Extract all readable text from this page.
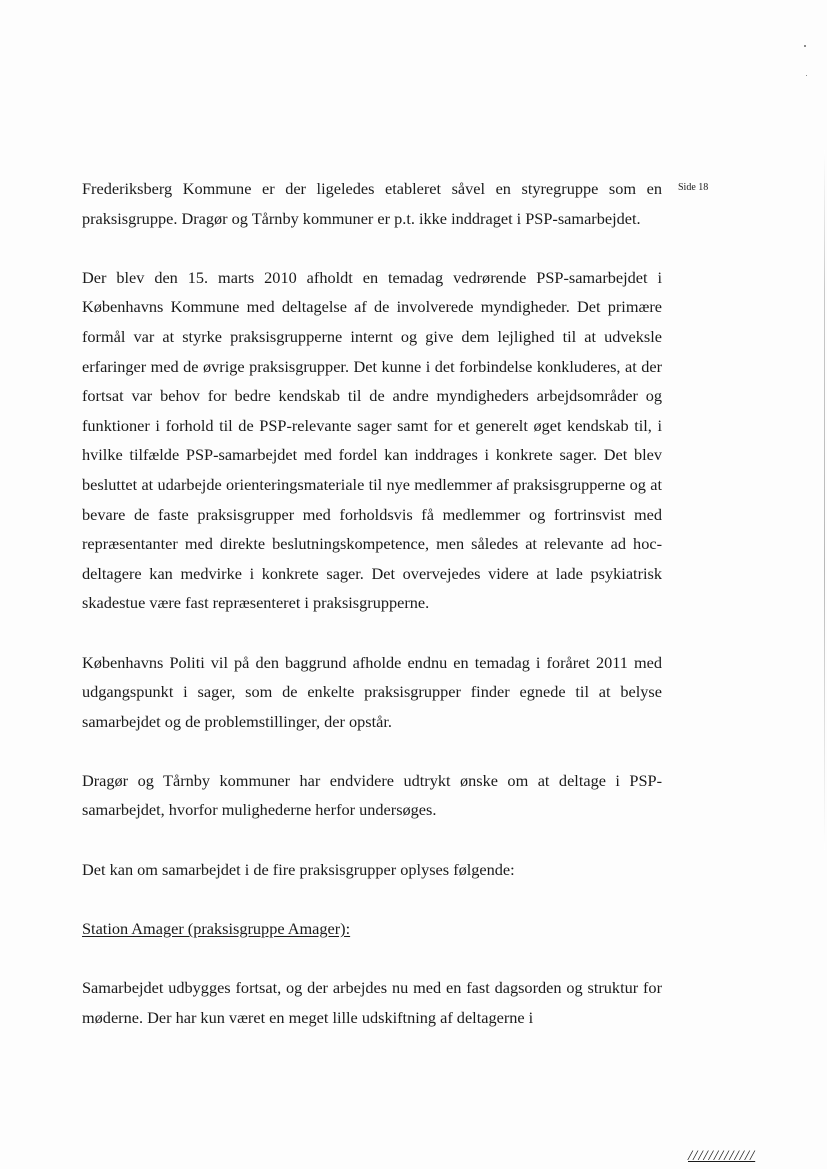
Side 18

Frederiksberg Kommune er der ligeledes etableret såvel en styregruppe som en praksisgruppe. Dragør og Tårnby kommuner er p.t. ikke inddraget i PSP-samarbejdet.

Der blev den 15. marts 2010 afholdt en temadag vedrørende PSP-samarbejdet i Københavns Kommune med deltagelse af de involverede myndigheder. Det primære formål var at styrke praksisgrupperne internt og give dem lejlighed til at udveksle erfaringer med de øvrige praksisgrupper. Det kunne i det forbindelse konkluderes, at der fortsat var behov for bedre kendskab til de andre myndigheders arbejdsområder og funktioner i forhold til de PSP-relevante sager samt for et generelt øget kendskab til, i hvilke tilfælde PSP-samarbejdet med fordel kan inddrages i konkrete sager. Det blev besluttet at udarbejde orienteringsmateriale til nye medlemmer af praksisgrupperne og at bevare de faste praksisgrupper med forholdsvis få medlemmer og fortrinsvist med repræsentanter med direkte beslutningskompetence, men således at relevante ad hoc-deltagere kan medvirke i konkrete sager. Det overvejedes videre at lade psykiatrisk skadestue være fast repræsenteret i praksisgrupperne.

Københavns Politi vil på den baggrund afholde endnu en temadag i foråret 2011 med udgangspunkt i sager, som de enkelte praksisgrupper finder egnede til at belyse samarbejdet og de problemstillinger, der opstår.

Dragør og Tårnby kommuner har endvidere udtrykt ønske om at deltage i PSP-samarbejdet, hvorfor mulighederne herfor undersøges.

Det kan om samarbejdet i de fire praksisgrupper oplyses følgende:

Station Amager (praksisgruppe Amager):

Samarbejdet udbygges fortsat, og der arbejdes nu med en fast dagsorden og struktur for møderne. Der har kun været en meget lille udskiftning af deltagerne i

/////////////
